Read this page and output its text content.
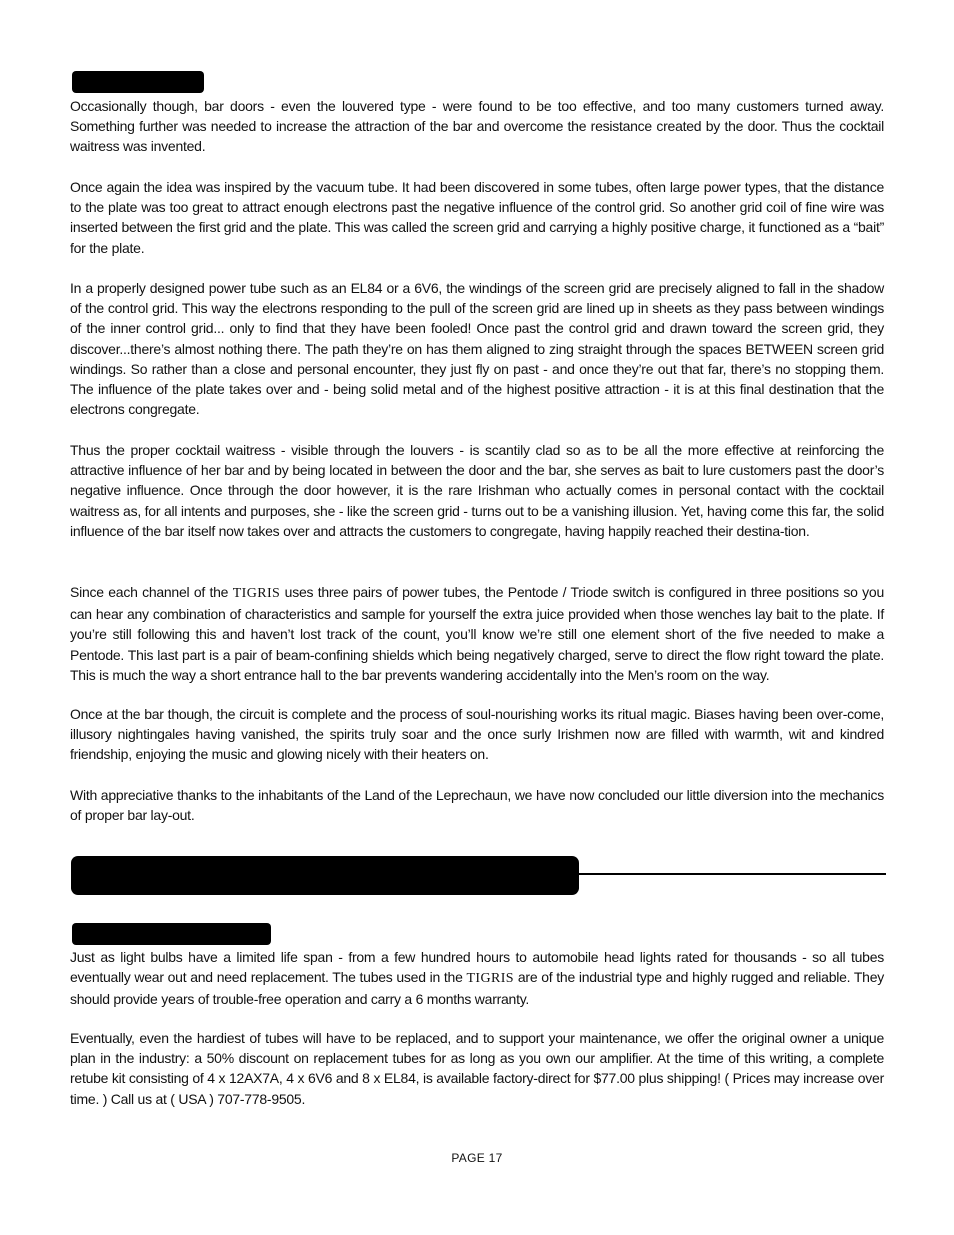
Occasionally though, bar doors - even the louvered type - were found to be too effective, and too many customers turned away. Something further was needed to increase the attraction of the bar and overcome the resistance created by the door. Thus the cocktail waitress was invented.

Once again the idea was inspired by the vacuum tube. It had been discovered in some tubes, often large power types, that the distance to the plate was too great to attract enough electrons past the negative influence of the control grid. So another grid coil of fine wire was inserted between the first grid and the plate. This was called the screen grid and carrying a highly positive charge, it functioned as a “bait” for the plate.

In a properly designed power tube such as an EL84 or a 6V6, the windings of the screen grid are precisely aligned to fall in the shadow of the control grid. This way the electrons responding to the pull of the screen grid are lined up in sheets as they pass between windings of the inner control grid... only to find that they have been fooled! Once past the control grid and drawn toward the screen grid, they discover...there’s almost nothing there. The path they’re on has them aligned to zing straight through the spaces BETWEEN screen grid windings. So rather than a close and personal encounter, they just fly on past - and once they’re out that far, there’s no stopping them. The influence of the plate takes over and - being solid metal and of the highest positive attraction - it is at this final destination that the electrons congregate.

Thus the proper cocktail waitress - visible through the louvers - is scantily clad so as to be all the more effective at reinforcing the attractive influence of her bar and by being located in between the door and the bar, she serves as bait to lure customers past the door’s negative influence. Once through the door however, it is the rare Irishman who actually comes in personal contact with the cocktail waitress as, for all intents and purposes, she - like the screen grid - turns out to be a vanishing illusion. Yet, having come this far, the solid influence of the bar itself now takes over and attracts the customers to congregate, having happily reached their destina-tion.

Since each channel of the TIGRIS uses three pairs of power tubes, the Pentode / Triode switch is configured in three positions so you can hear any combination of characteristics and sample for yourself the extra juice provided when those wenches lay bait to the plate. If you’re still following this and haven’t lost track of the count, you’ll know we’re still one element short of the five needed to make a Pentode. This last part is a pair of beam-confining shields which being negatively charged, serve to direct the flow right toward the plate. This is much the way a short entrance hall to the bar prevents wandering accidentally into the Men’s room on the way.

Once at the bar though, the circuit is complete and the process of soul-nourishing works its ritual magic. Biases having been over-come, illusory nightingales having vanished, the spirits truly soar and the once surly Irishmen now are filled with warmth, wit and kindred friendship, enjoying the music and glowing nicely with their heaters on.

With appreciative thanks to the inhabitants of the Land of the Leprechaun, we have now concluded our little diversion into the mechanics of proper bar lay-out.

Just as light bulbs have a limited life span - from a few hundred hours to automobile head lights rated for thousands - so all tubes eventually wear out and need replacement. The tubes used in the TIGRIS are of the industrial type and highly rugged and reliable. They should provide years of trouble-free operation and carry a 6 months warranty.

Eventually, even the hardiest of tubes will have to be replaced, and to support your maintenance, we offer the original owner a unique plan in the industry: a 50% discount on replacement tubes for as long as you own our amplifier. At the time of this writing, a complete retube kit consisting of 4 x 12AX7A, 4 x 6V6 and 8 x EL84, is available factory-direct for $77.00 plus shipping! ( Prices may increase over time. ) Call us at ( USA ) 707-778-9505.

PAGE 17
